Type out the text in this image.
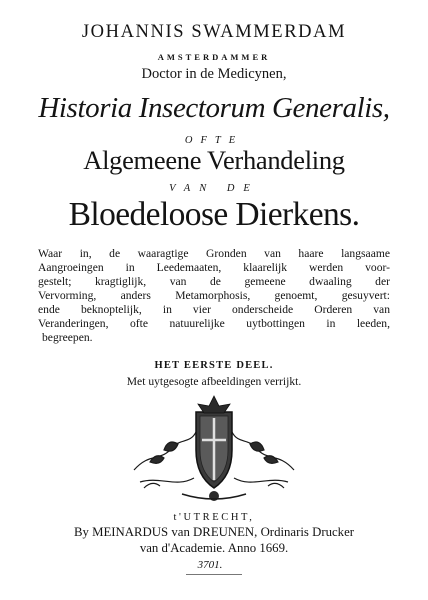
JOHANNIS SWAMMERDAM
AMSTERDAMMER
Doctor in de Medicynen,
Historia Insectorum Generalis,
OFTE
Algemeene Verhandeling
VAN DE
Bloedeloose Dierkens.
Waar in, de waaragtige Gronden van haare langsaame
Aangroeingen in Leedemaaten, klaarelijk werden voor-
gestelt; kragtiglijk, van de gemeene dwaaling der
Vervorming, anders Metamorphosis, genoemt, gesuyvert:
ende beknoptelijk, in vier onderscheide Orderen van
Veranderingen, ofte natuurelijke uytbottingen in leeden,
begreepen.
HET EERSTE DEEL.
Met uytgesogte afbeeldingen verrijkt.
t'UTRECHT,
By MEINARDUS van DREUNEN, Ordinaris Drucker
van d'Academie. Anno 1669.
3701.
